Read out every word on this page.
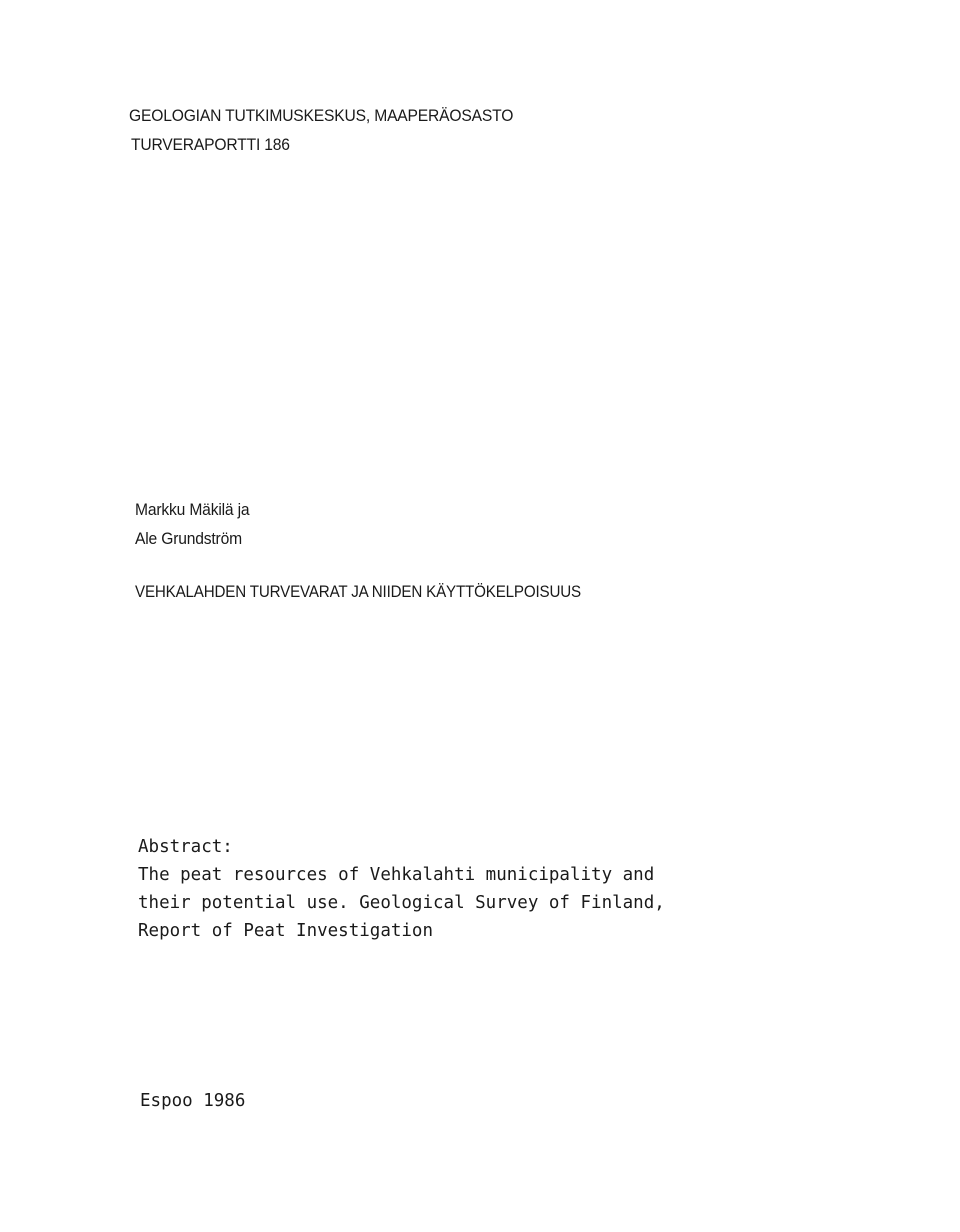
GEOLOGIAN TUTKIMUSKESKUS, MAAPERÄOSASTO

TURVERAPORTTI 186

Markku Mäkilä ja

Ale Grundström

VEHKALAHDEN TURVEVARAT JA NIIDEN KÄYTTÖKELPOISUUS

Abstract:

The peat resources of Vehkalahti municipality and

their potential use. Geological Survey of Finland,

Report of Peat Investigation

Espoo 1986
